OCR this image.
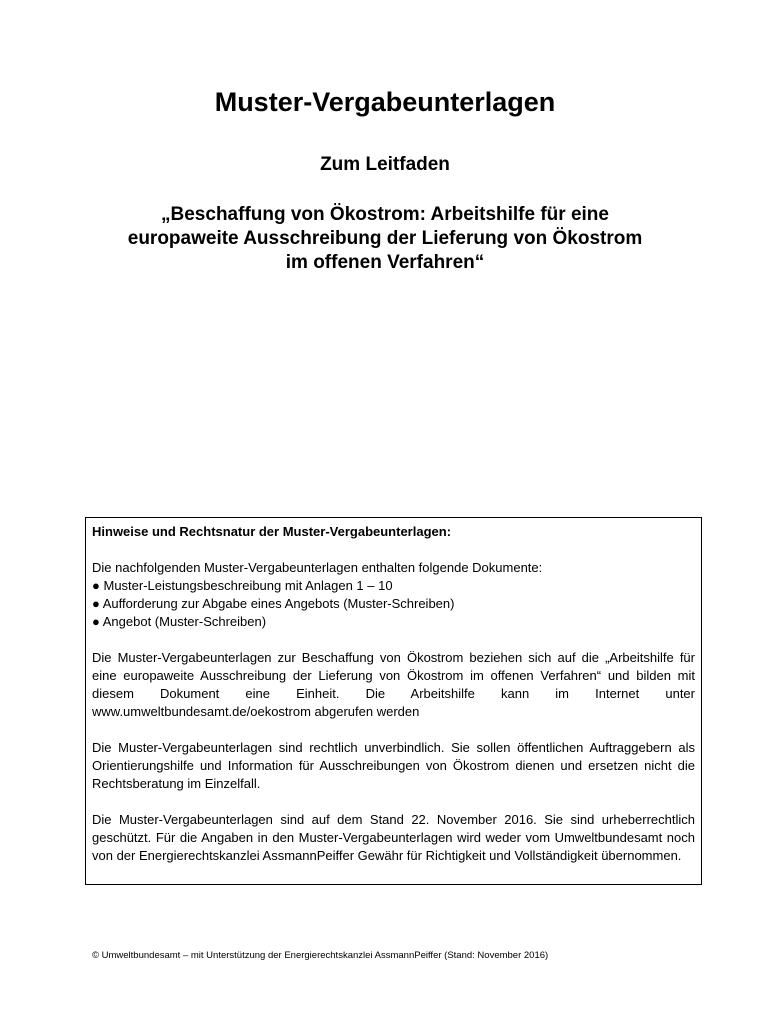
Muster-Vergabeunterlagen
Zum Leitfaden
„Beschaffung von Ökostrom: Arbeitshilfe für eine
europaweite Ausschreibung der Lieferung von Ökostrom
im offenen Verfahren“

Hinweise und Rechtsnatur der Muster-Vergabeunterlagen:

Die nachfolgenden Muster-Vergabeunterlagen enthalten folgende Dokumente:
● Muster-Leistungsbeschreibung mit Anlagen 1 – 10
● Aufforderung zur Abgabe eines Angebots (Muster-Schreiben)
● Angebot (Muster-Schreiben)

Die Muster-Vergabeunterlagen zur Beschaffung von Ökostrom beziehen sich auf die „Arbeitshilfe für eine europaweite Ausschreibung der Lieferung von Ökostrom im offenen Verfahren“ und bilden mit diesem Dokument eine Einheit. Die Arbeitshilfe kann im Internet unter www.umweltbundesamt.de/oekostrom abgerufen werden

Die Muster-Vergabeunterlagen sind rechtlich unverbindlich. Sie sollen öffentlichen Auftraggebern als Orientierungshilfe und Information für Ausschreibungen von Ökostrom dienen und ersetzen nicht die Rechtsberatung im Einzelfall.

Die Muster-Vergabeunterlagen sind auf dem Stand 22. November 2016. Sie sind urheberrechtlich geschützt. Für die Angaben in den Muster-Vergabeunterlagen wird weder vom Umweltbundesamt noch von der Energierechtskanzlei AssmannPeiffer Gewähr für Richtigkeit und Vollständigkeit übernommen.

© Umweltbundesamt – mit Unterstützung der Energierechtskanzlei AssmannPeiffer (Stand: November 2016)
